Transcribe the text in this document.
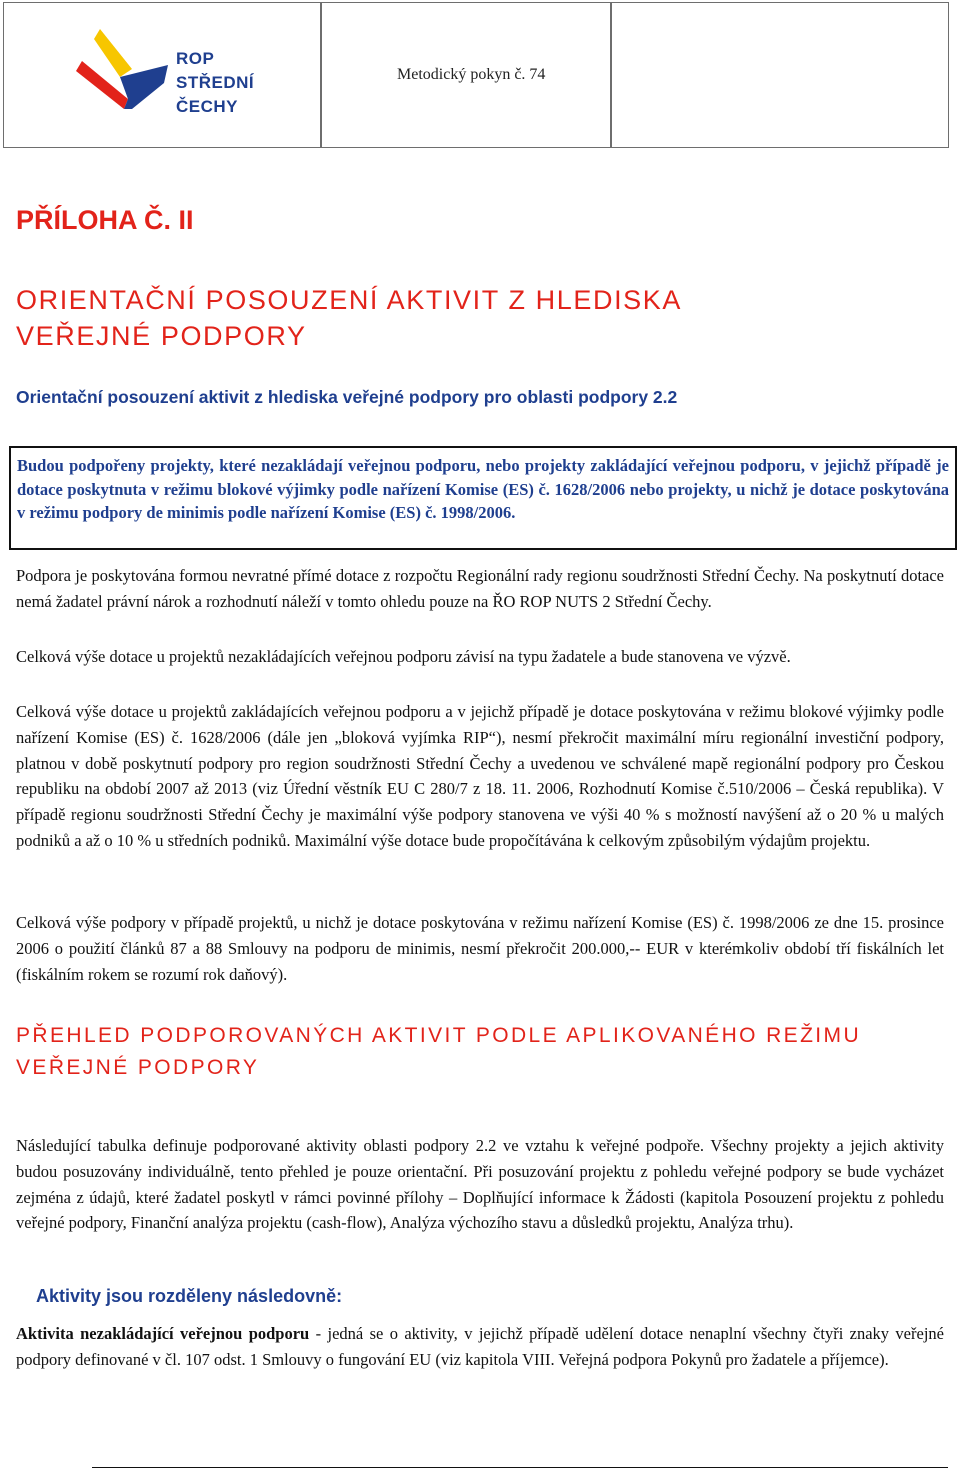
ROP
STŘEDNÍ
ČECHY
Metodický pokyn č. 74
PŘÍLOHA Č. II
ORIENTAČNÍ POSOUZENÍ AKTIVIT Z HLEDISKA
VEŘEJNÉ PODPORY
Orientační posouzení aktivit z hlediska veřejné podpory pro oblasti podpory 2.2
Budou podpořeny projekty, které nezakládají veřejnou podporu, nebo projekty zakládající veřejnou podporu, v jejichž případě je dotace poskytnuta v režimu blokové výjimky podle nařízení Komise (ES) č. 1628/2006 nebo projekty, u nichž je dotace poskytována v režimu podpory de minimis podle nařízení Komise (ES) č. 1998/2006.
Podpora je poskytována formou nevratné přímé dotace z rozpočtu Regionální rady regionu soudržnosti Střední Čechy. Na poskytnutí dotace nemá žadatel právní nárok a rozhodnutí náleží v tomto ohledu pouze na ŘO ROP NUTS 2 Střední Čechy.
Celková výše dotace u projektů nezakládajících veřejnou podporu závisí na typu žadatele a bude stanovena ve výzvě.
Celková výše dotace u projektů zakládajících veřejnou podporu a v jejichž případě je dotace poskytována v režimu blokové výjimky podle nařízení Komise (ES) č. 1628/2006 (dále jen „bloková vyjímka RIP“), nesmí překročit maximální míru regionální investiční podpory, platnou v době poskytnutí podpory pro region soudržnosti Střední Čechy a uvedenou ve schválené mapě regionální podpory pro Českou republiku na období 2007 až 2013 (viz Úřední věstník EU C 280/7 z 18. 11. 2006, Rozhodnutí Komise č.510/2006 – Česká republika). V případě regionu soudržnosti Střední Čechy je maximální výše podpory stanovena ve výši 40 % s možností navýšení až o 20 % u malých podniků a až o 10 % u středních podniků. Maximální výše dotace bude propočítávána k celkovým způsobilým výdajům projektu.
Celková výše podpory v případě projektů, u nichž je dotace poskytována v režimu nařízení Komise (ES) č. 1998/2006 ze dne 15. prosince 2006 o použití článků 87 a 88 Smlouvy na podporu de minimis, nesmí překročit 200.000,-- EUR v kterémkoliv období tří fiskálních let (fiskálním rokem se rozumí rok daňový).
PŘEHLED PODPOROVANÝCH AKTIVIT PODLE APLIKOVANÉHO REŽIMU
VEŘEJNÉ PODPORY
Následující tabulka definuje podporované aktivity oblasti podpory 2.2 ve vztahu k veřejné podpoře. Všechny projekty a jejich aktivity budou posuzovány individuálně, tento přehled je pouze orientační. Při posuzování projektu z pohledu veřejné podpory se bude vycházet zejména z údajů, které žadatel poskytl v rámci povinné přílohy – Doplňující informace k Žádosti (kapitola Posouzení projektu z pohledu veřejné podpory, Finanční analýza projektu (cash-flow), Analýza výchozího stavu a důsledků projektu, Analýza trhu).
Aktivity jsou rozděleny následovně:
Aktivita nezakládající veřejnou podporu - jedná se o aktivity, v jejichž případě udělení dotace nenaplní všechny čtyři znaky veřejné podpory definované v čl. 107 odst. 1 Smlouvy o fungování EU (viz kapitola VIII. Veřejná podpora Pokynů pro žadatele a příjemce).
